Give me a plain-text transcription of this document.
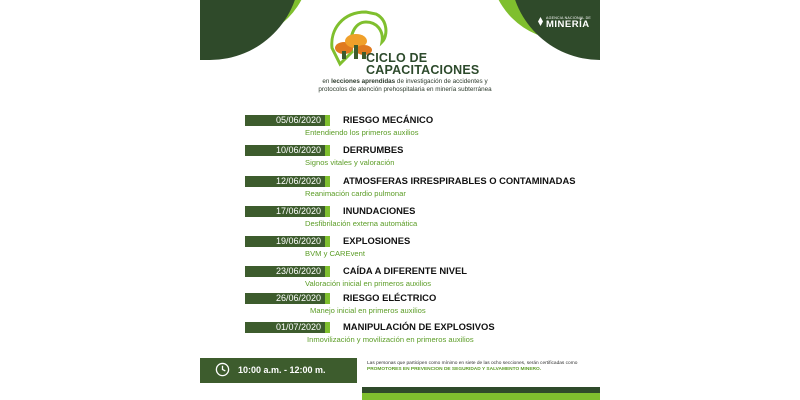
AGENCIA NACIONAL DE
MINERÍA
CICLO DE
CAPACITACIONES
en lecciones aprendidas de investigación de accidentes y
protocolos de atención prehospitalaria en minería subterránea
05/06/2020	RIESGO MECÁNICO
Entendiendo los primeros auxilios
10/06/2020	DERRUMBES
Signos vitales y valoración
12/06/2020	ATMOSFERAS IRRESPIRABLES O CONTAMINADAS
Reanimación cardio pulmonar
17/06/2020	INUNDACIONES
Desfibrilación externa automática
19/06/2020	EXPLOSIONES
BVM y CAREvent
23/06/2020	CAÍDA A DIFERENTE NIVEL
Valoración inicial en primeros auxilios
26/06/2020	RIESGO ELÉCTRICO
Manejo inicial en primeros auxilios
01/07/2020	MANIPULACIÓN DE EXPLOSIVOS
Inmovilización y movilización en primeros auxilios
10:00 a.m. - 12:00 m.
Las personas que participen como mínimo en siete de las ocho secciones, serán certificadas como PROMOTORES EN PREVENCION DE SEGURIDAD Y SALVAMENTO MINERO.
